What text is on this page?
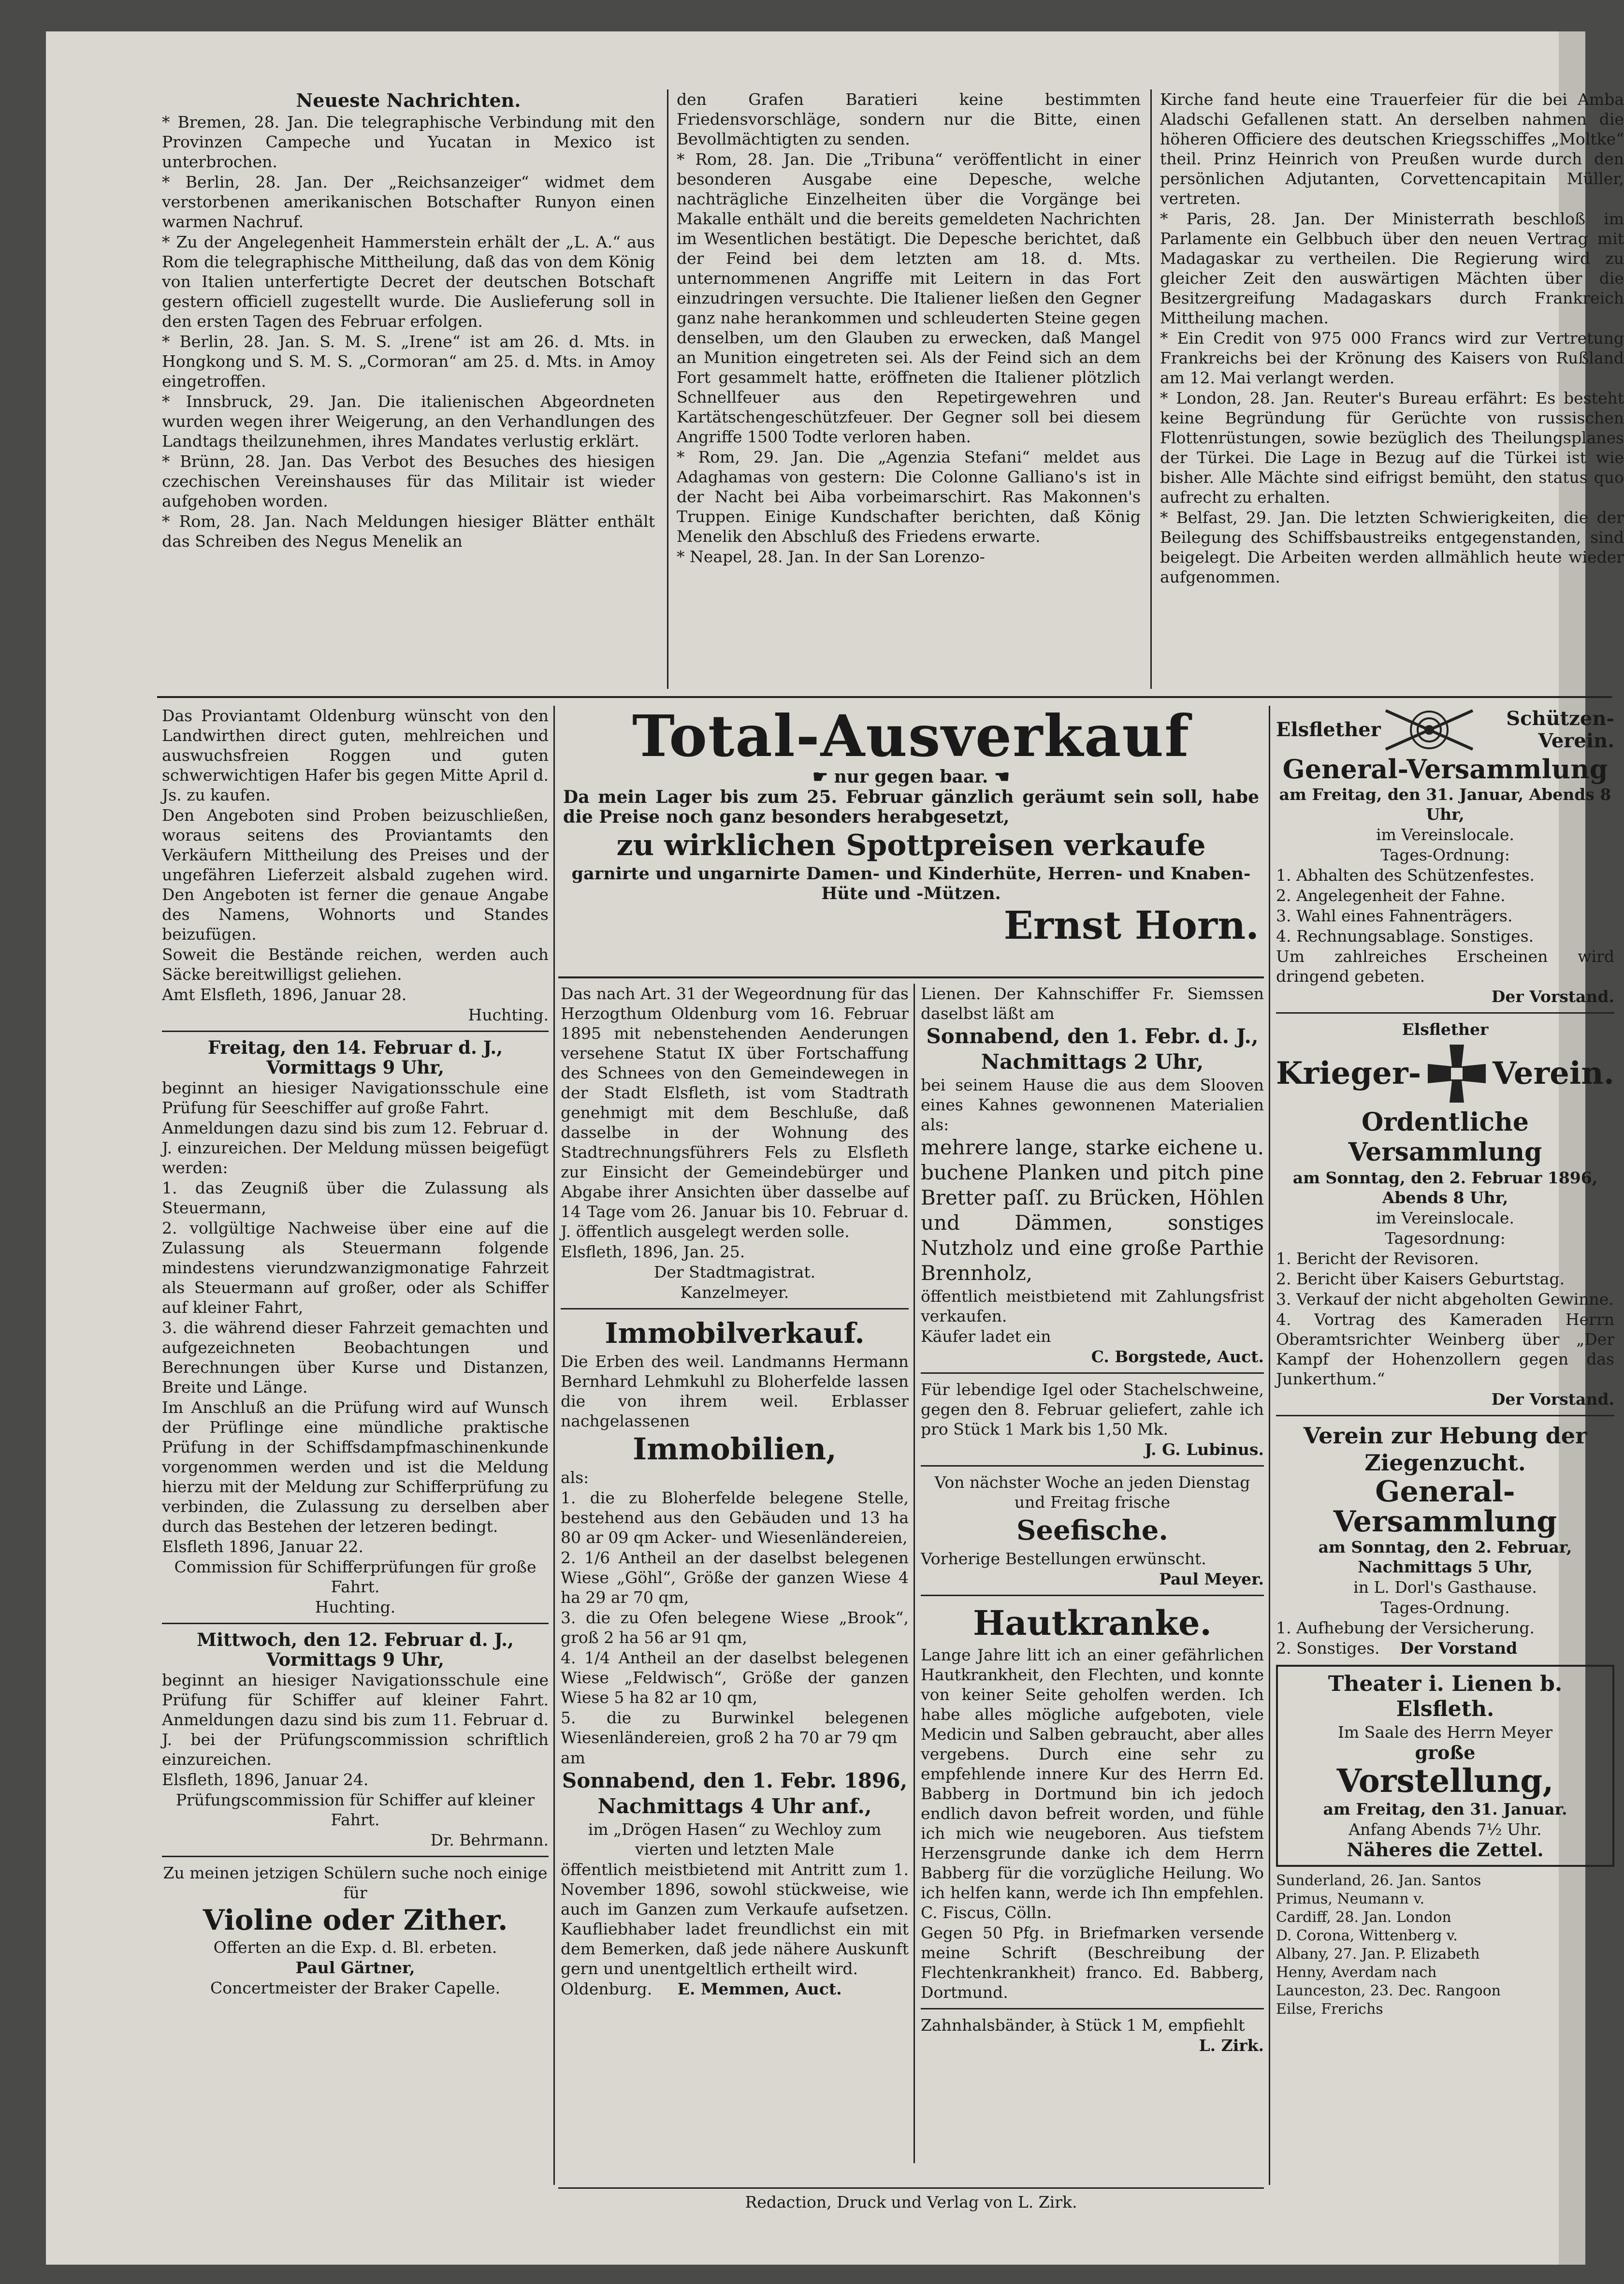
Neueste Nachrichten.

* Bremen, 28. Jan. Die telegraphische Verbindung mit den Provinzen Campeche und Yucatan in Mexico ist unterbrochen.

* Berlin, 28. Jan. Der „Reichsanzeiger“ widmet dem verstorbenen amerikanischen Botschafter Runyon einen warmen Nachruf.

* Zu der Angelegenheit Hammerstein erhält der „L. A.“ aus Rom die telegraphische Mittheilung, daß das von dem König von Italien unterfertigte Decret der deutschen Botschaft gestern officiell zugestellt wurde. Die Auslieferung soll in den ersten Tagen des Februar erfolgen.

* Berlin, 28. Jan. S. M. S. „Irene“ ist am 26. d. Mts. in Hongkong und S. M. S. „Cormoran“ am 25. d. Mts. in Amoy eingetroffen.

* Innsbruck, 29. Jan. Die italienischen Abgeordneten wurden wegen ihrer Weigerung, an den Verhandlungen des Landtags theilzunehmen, ihres Mandates verlustig erklärt.

* Brünn, 28. Jan. Das Verbot des Besuches des hiesigen czechischen Vereinshauses für das Militair ist wieder aufgehoben worden.

* Rom, 28. Jan. Nach Meldungen hiesiger Blätter enthält das Schreiben des Negus Menelik an

den Grafen Baratieri keine bestimmten Friedensvorschläge, sondern nur die Bitte, einen Bevollmächtigten zu senden.

* Rom, 28. Jan. Die „Tribuna“ veröffentlicht in einer besonderen Ausgabe eine Depesche, welche nachträgliche Einzelheiten über die Vorgänge bei Makalle enthält und die bereits gemeldeten Nachrichten im Wesentlichen bestätigt. Die Depesche berichtet, daß der Feind bei dem letzten am 18. d. Mts. unternommenen Angriffe mit Leitern in das Fort einzudringen versuchte. Die Italiener ließen den Gegner ganz nahe herankommen und schleuderten Steine gegen denselben, um den Glauben zu erwecken, daß Mangel an Munition eingetreten sei. Als der Feind sich an dem Fort gesammelt hatte, eröffneten die Italiener plötzlich Schnellfeuer aus den Repetirgewehren und Kartätschengeschützfeuer. Der Gegner soll bei diesem Angriffe 1500 Todte verloren haben.

* Rom, 29. Jan. Die „Agenzia Stefani“ meldet aus Adaghamas von gestern: Die Colonne Galliano's ist in der Nacht bei Aiba vorbeimarschirt. Ras Makonnen's Truppen. Einige Kundschafter berichten, daß König Menelik den Abschluß des Friedens erwarte.

* Neapel, 28. Jan. In der San Lorenzo-

Kirche fand heute eine Trauerfeier für die bei Amba Aladschi Gefallenen statt. An derselben nahmen die höheren Officiere des deutschen Kriegsschiffes „Moltke“ theil. Prinz Heinrich von Preußen wurde durch den persönlichen Adjutanten, Corvettencapitain Müller, vertreten.

* Paris, 28. Jan. Der Ministerrath beschloß im Parlamente ein Gelbbuch über den neuen Vertrag mit Madagaskar zu vertheilen. Die Regierung wird zu gleicher Zeit den auswärtigen Mächten über die Besitzergreifung Madagaskars durch Frankreich Mittheilung machen.

* Ein Credit von 975 000 Francs wird zur Vertretung Frankreichs bei der Krönung des Kaisers von Rußland am 12. Mai verlangt werden.

* London, 28. Jan. Reuter's Bureau erfährt: Es besteht keine Begründung für Gerüchte von russischen Flottenrüstungen, sowie bezüglich des Theilungsplanes der Türkei. Die Lage in Bezug auf die Türkei ist wie bisher. Alle Mächte sind eifrigst bemüht, den status quo aufrecht zu erhalten.

* Belfast, 29. Jan. Die letzten Schwierigkeiten, die der Beilegung des Schiffsbaustreiks entgegenstanden, sind beigelegt. Die Arbeiten werden allmählich heute wieder aufgenommen.

Das Proviantamt Oldenburg wünscht von den Landwirthen direct guten, mehlreichen und auswuchsfreien Roggen und guten schwerwichtigen Hafer bis gegen Mitte April d. Js. zu kaufen.

Den Angeboten sind Proben beizuschließen, woraus seitens des Proviantamts den Verkäufern Mittheilung des Preises und der ungefähren Lieferzeit alsbald zugehen wird. Den Angeboten ist ferner die genaue Angabe des Namens, Wohnorts und Standes beizufügen.

Soweit die Bestände reichen, werden auch Säcke bereitwilligst geliehen.

Amt Elsfleth, 1896, Januar 28.

Huchting.

Freitag, den 14. Februar d. J., Vormittags 9 Uhr,

beginnt an hiesiger Navigationsschule eine Prüfung für Seeschiffer auf große Fahrt.

Anmeldungen dazu sind bis zum 12. Februar d. J. einzureichen. Der Meldung müssen beigefügt werden:

1. das Zeugniß über die Zulassung als Steuermann,

2. vollgültige Nachweise über eine auf die Zulassung als Steuermann folgende mindestens vierundzwanzigmonatige Fahrzeit als Steuermann auf großer, oder als Schiffer auf kleiner Fahrt,

3. die während dieser Fahrzeit gemachten und aufgezeichneten Beobachtungen und Berechnungen über Kurse und Distanzen, Breite und Länge.

Im Anschluß an die Prüfung wird auf Wunsch der Prüflinge eine mündliche praktische Prüfung in der Schiffsdampfmaschinenkunde vorgenommen werden und ist die Meldung hierzu mit der Meldung zur Schifferprüfung zu verbinden, die Zulassung zu derselben aber durch das Bestehen der letzeren bedingt.

Elsfleth 1896, Januar 22.

Commission für Schifferprüfungen für große Fahrt.

Huchting.

Mittwoch, den 12. Februar d. J., Vormittags 9 Uhr,

beginnt an hiesiger Navigationsschule eine Prüfung für Schiffer auf kleiner Fahrt. Anmeldungen dazu sind bis zum 11. Februar d. J. bei der Prüfungscommission schriftlich einzureichen.

Elsfleth, 1896, Januar 24.

Prüfungscommission für Schiffer auf kleiner Fahrt.

Dr. Behrmann.

Zu meinen jetzigen Schülern suche noch einige für

Violine oder Zither.

Offerten an die Exp. d. Bl. erbeten.

Paul Gärtner,

Concertmeister der Braker Capelle.

Total-Ausverkauf

☛ nur gegen baar. ☚

Da mein Lager bis zum 25. Februar gänzlich geräumt sein soll, habe die Preise noch ganz besonders herabgesetzt,

zu wirklichen Spottpreisen verkaufe

garnirte und ungarnirte Damen- und Kinderhüte, Herren- und Knaben-Hüte und -Mützen.

Ernst Horn.

Das nach Art. 31 der Wegeordnung für das Herzogthum Oldenburg vom 16. Februar 1895 mit nebenstehenden Aenderungen versehene Statut IX über Fortschaffung des Schnees von den Gemeindewegen in der Stadt Elsfleth, ist vom Stadtrath genehmigt mit dem Beschluße, daß dasselbe in der Wohnung des Stadtrechnungsführers Fels zu Elsfleth zur Einsicht der Gemeindebürger und Abgabe ihrer Ansichten über dasselbe auf 14 Tage vom 26. Januar bis 10. Februar d. J. öffentlich ausgelegt werden solle.

Elsfleth, 1896, Jan. 25.

Der Stadtmagistrat.

Kanzelmeyer.

Immobilverkauf.

Die Erben des weil. Landmanns Hermann Bernhard Lehmkuhl zu Bloherfelde lassen die von ihrem weil. Erblasser nachgelassenen

Immobilien,

als:

1. die zu Bloherfelde belegene Stelle, bestehend aus den Gebäuden und 13 ha 80 ar 09 qm Acker- und Wiesenländereien,

2. 1/6 Antheil an der daselbst belegenen Wiese „Göhl“, Größe der ganzen Wiese 4 ha 29 ar 70 qm,

3. die zu Ofen belegene Wiese „Brook“, groß 2 ha 56 ar 91 qm,

4. 1/4 Antheil an der daselbst belegenen Wiese „Feldwisch“, Größe der ganzen Wiese 5 ha 82 ar 10 qm,

5. die zu Burwinkel belegenen Wiesenländereien, groß 2 ha 70 ar 79 qm

am

Sonnabend, den 1. Febr. 1896,

Nachmittags 4 Uhr anf.,

im „Drögen Hasen“ zu Wechloy zum vierten und letzten Male

öffentlich meistbietend mit Antritt zum 1. November 1896, sowohl stückweise, wie auch im Ganzen zum Verkaufe aufsetzen. Kaufliebhaber ladet freundlichst ein mit dem Bemerken, daß jede nähere Auskunft gern und unentgeltlich ertheilt wird.

Oldenburg. E. Memmen, Auct.

Lienen. Der Kahnschiffer Fr. Siemssen daselbst läßt am

Sonnabend, den 1. Febr. d. J.,

Nachmittags 2 Uhr,

bei seinem Hause die aus dem Slooven eines Kahnes gewonnenen Materialien als:

mehrere lange, starke eichene u. buchene Planken und pitch pine Bretter paſſ. zu Brücken, Höhlen und Dämmen, sonstiges Nutzholz und eine große Parthie Brennholz,

öffentlich meistbietend mit Zahlungsfrist verkaufen.

Käufer ladet ein

C. Borgstede, Auct.

Für lebendige Igel oder Stachelschweine, gegen den 8. Februar geliefert, zahle ich pro Stück 1 Mark bis 1,50 Mk.

J. G. Lubinus.

Von nächster Woche an jeden Dienstag und Freitag frische

Seefische.

Vorherige Bestellungen erwünscht.

Paul Meyer.

Hautkranke.

Lange Jahre litt ich an einer gefährlichen Hautkrankheit, den Flechten, und konnte von keiner Seite geholfen werden. Ich habe alles mögliche aufgeboten, viele Medicin und Salben gebraucht, aber alles vergebens. Durch eine sehr zu empfehlende innere Kur des Herrn Ed. Babberg in Dortmund bin ich jedoch endlich davon befreit worden, und fühle ich mich wie neugeboren. Aus tiefstem Herzensgrunde danke ich dem Herrn Babberg für die vorzügliche Heilung. Wo ich helfen kann, werde ich Ihn empfehlen. C. Fiscus, Cölln.

Gegen 50 Pfg. in Briefmarken versende meine Schrift (Beschreibung der Flechtenkrankheit) franco. Ed. Babberg, Dortmund.

Zahnhalsbänder, à Stück 1 M, empfiehlt

L. Zirk.

Elsflether	Schützen-Verein.

General-Versammlung

am Freitag, den 31. Januar, Abends 8 Uhr,

im Vereinslocale.

Tages-Ordnung:

1. Abhalten des Schützenfestes.

2. Angelegenheit der Fahne.

3. Wahl eines Fahnenträgers.

4. Rechnungsablage. Sonstiges.

Um zahlreiches Erscheinen wird dringend gebeten.

Der Vorstand.

Elsflether

Krieger- Verein.

Ordentliche Versammlung

am Sonntag, den 2. Februar 1896, Abends 8 Uhr,

im Vereinslocale.

Tagesordnung:

1. Bericht der Revisoren.

2. Bericht über Kaisers Geburtstag.

3. Verkauf der nicht abgeholten Gewinne.

4. Vortrag des Kameraden Herrn Oberamtsrichter Weinberg über „Der Kampf der Hohenzollern gegen das Junkerthum.“

Der Vorstand.

Verein zur Hebung der Ziegenzucht.

General-Versammlung

am Sonntag, den 2. Februar, Nachmittags 5 Uhr,

in L. Dorl's Gasthause.

Tages-Ordnung.

1. Aufhebung der Versicherung.

2. Sonstiges. Der Vorstand

Theater i. Lienen b. Elsfleth.

Im Saale des Herrn Meyer

große

Vorstellung,

am Freitag, den 31. Januar.

Anfang Abends 7½ Uhr.

Näheres die Zettel.

Sunderland, 26. Jan. Santos

Primus, Neumann v.

Cardiff, 28. Jan. London

D. Corona, Wittenberg v.

Albany, 27. Jan. P. Elizabeth

Henny, Averdam nach

Launceston, 23. Dec. Rangoon

Eilse, Frerichs

Redaction, Druck und Verlag von L. Zirk.
